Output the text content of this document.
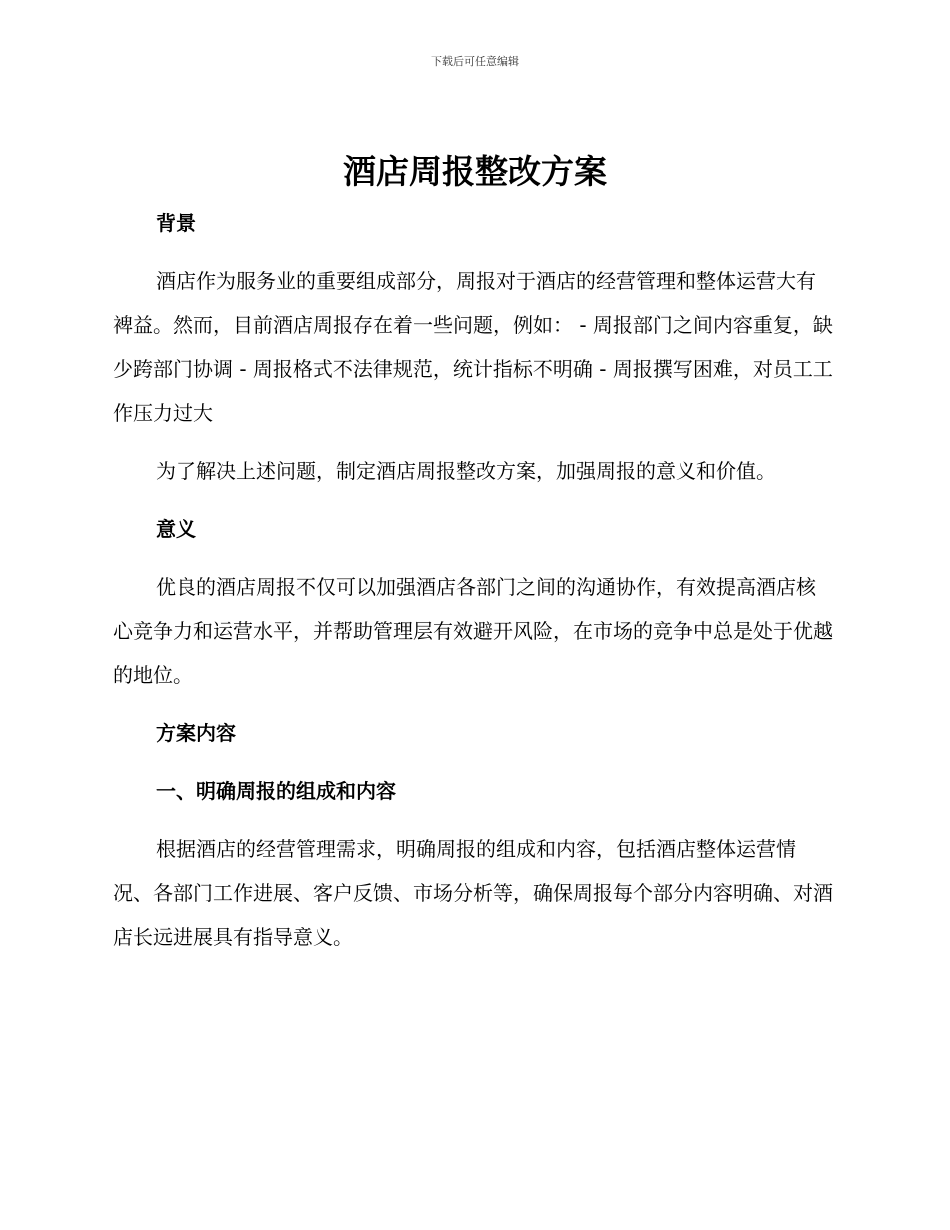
下载后可任意编辑
酒店周报整改方案
背景

酒店作为服务业的重要组成部分，周报对于酒店的经营管理和整体运营大有裨益。然而，目前酒店周报存在着一些问题，例如： - 周报部门之间内容重复，缺少跨部门协调 - 周报格式不法律规范，统计指标不明确 - 周报撰写困难，对员工工作压力过大

为了解决上述问题，制定酒店周报整改方案，加强周报的意义和价值。

意义

优良的酒店周报不仅可以加强酒店各部门之间的沟通协作，有效提高酒店核心竞争力和运营水平，并帮助管理层有效避开风险，在市场的竞争中总是处于优越的地位。

方案内容
一、明确周报的组成和内容

根据酒店的经营管理需求，明确周报的组成和内容，包括酒店整体运营情况、各部门工作进展、客户反馈、市场分析等，确保周报每个部分内容明确、对酒店长远进展具有指导意义。
